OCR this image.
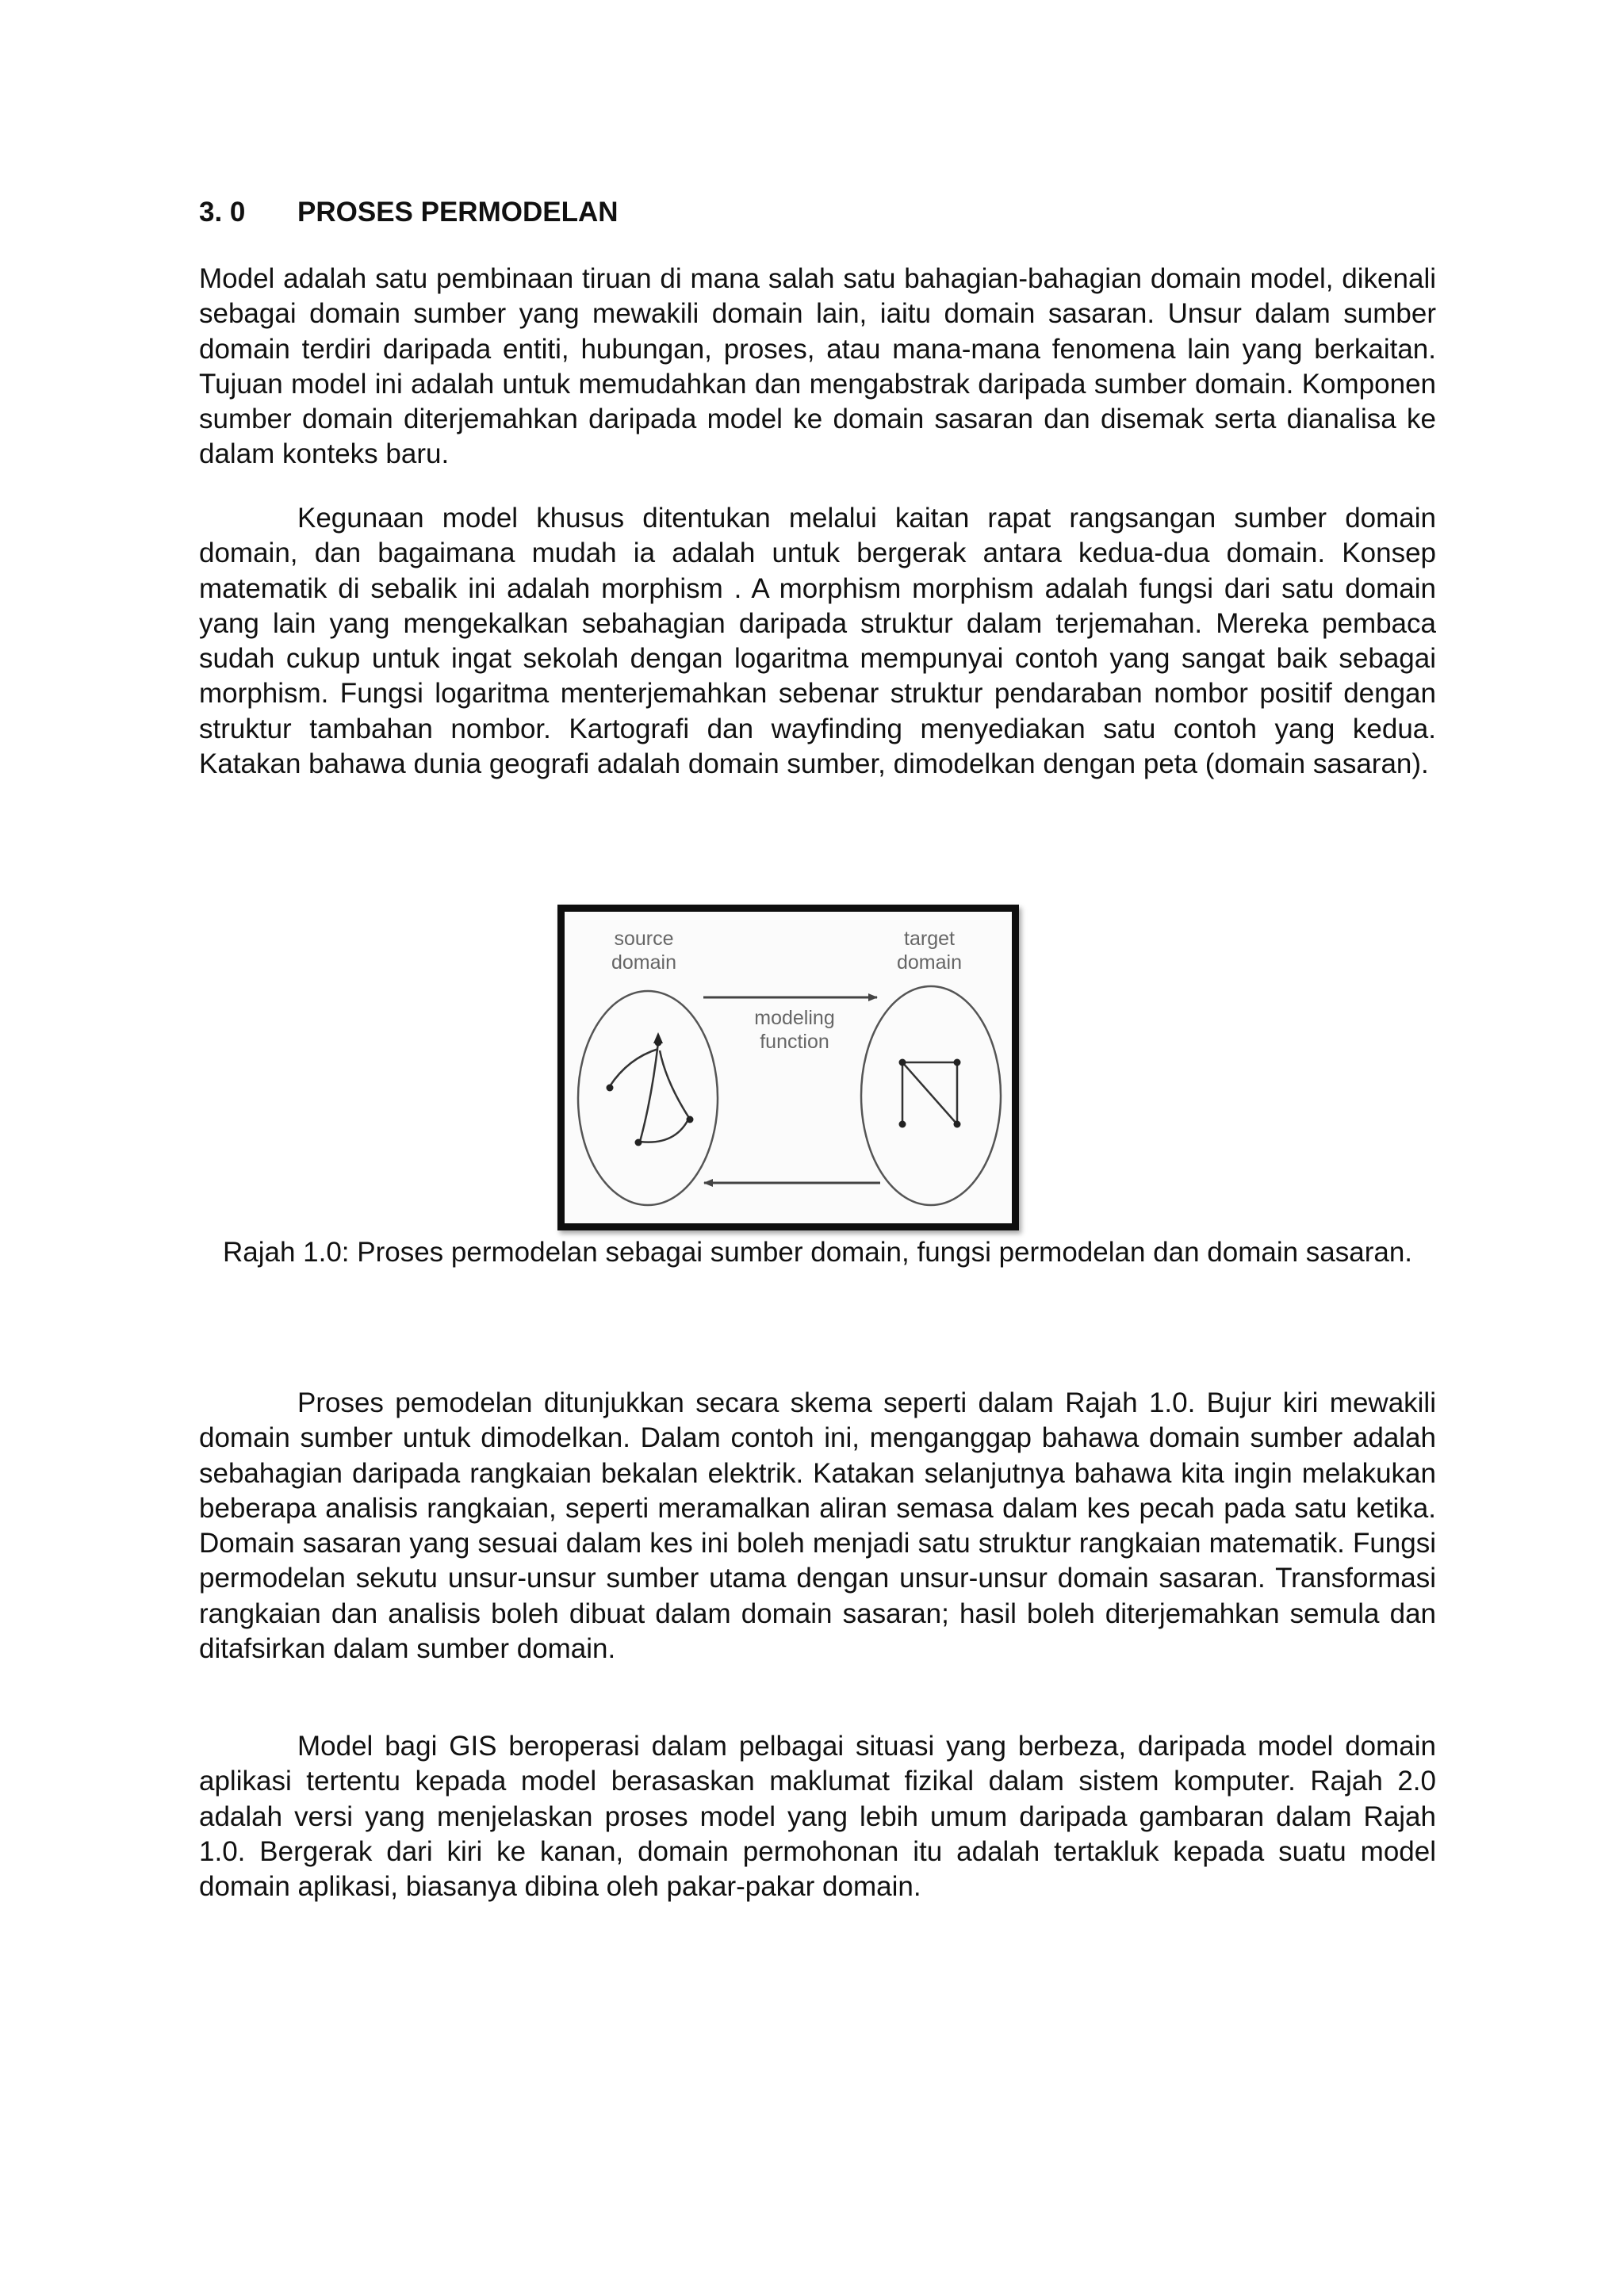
3. 0 PROSES PERMODELAN

Model adalah satu pembinaan tiruan di mana salah satu bahagian-bahagian domain model, dikenali sebagai domain sumber yang mewakili domain lain, iaitu domain sasaran. Unsur dalam sumber domain terdiri daripada entiti, hubungan, proses, atau mana-mana fenomena lain yang berkaitan. Tujuan model ini adalah untuk memudahkan dan mengabstrak daripada sumber domain. Komponen sumber domain diterjemahkan daripada model ke domain sasaran dan disemak serta dianalisa ke dalam konteks baru.

Kegunaan model khusus ditentukan melalui kaitan rapat rangsangan sumber domain domain, dan bagaimana mudah ia adalah untuk bergerak antara kedua-dua domain. Konsep matematik di sebalik ini adalah morphism . A morphism morphism adalah fungsi dari satu domain yang lain yang mengekalkan sebahagian daripada struktur dalam terjemahan. Mereka pembaca sudah cukup untuk ingat sekolah dengan logaritma mempunyai contoh yang sangat baik sebagai morphism. Fungsi logaritma menterjemahkan sebenar struktur pendaraban nombor positif dengan struktur tambahan nombor. Kartografi dan wayfinding menyediakan satu contoh yang kedua. Katakan bahawa dunia geografi adalah domain sumber, dimodelkan dengan peta (domain sasaran).

source
domain
target
domain
modeling
function
Rajah 1.0: Proses permodelan sebagai sumber domain, fungsi permodelan dan domain sasaran.

Proses pemodelan ditunjukkan secara skema seperti dalam Rajah 1.0. Bujur kiri mewakili domain sumber untuk dimodelkan. Dalam contoh ini, menganggap bahawa domain sumber adalah sebahagian daripada rangkaian bekalan elektrik. Katakan selanjutnya bahawa kita ingin melakukan beberapa analisis rangkaian, seperti meramalkan aliran semasa dalam kes pecah pada satu ketika. Domain sasaran yang sesuai dalam kes ini boleh menjadi satu struktur rangkaian matematik. Fungsi permodelan sekutu unsur-unsur sumber utama dengan unsur-unsur domain sasaran. Transformasi rangkaian dan analisis boleh dibuat dalam domain sasaran; hasil boleh diterjemahkan semula dan ditafsirkan dalam sumber domain.

Model bagi GIS beroperasi dalam pelbagai situasi yang berbeza, daripada model domain aplikasi tertentu kepada model berasaskan maklumat fizikal dalam sistem komputer. Rajah 2.0 adalah versi yang menjelaskan proses model yang lebih umum daripada gambaran dalam Rajah 1.0. Bergerak dari kiri ke kanan, domain permohonan itu adalah tertakluk kepada suatu model domain aplikasi, biasanya dibina oleh pakar-pakar domain.
